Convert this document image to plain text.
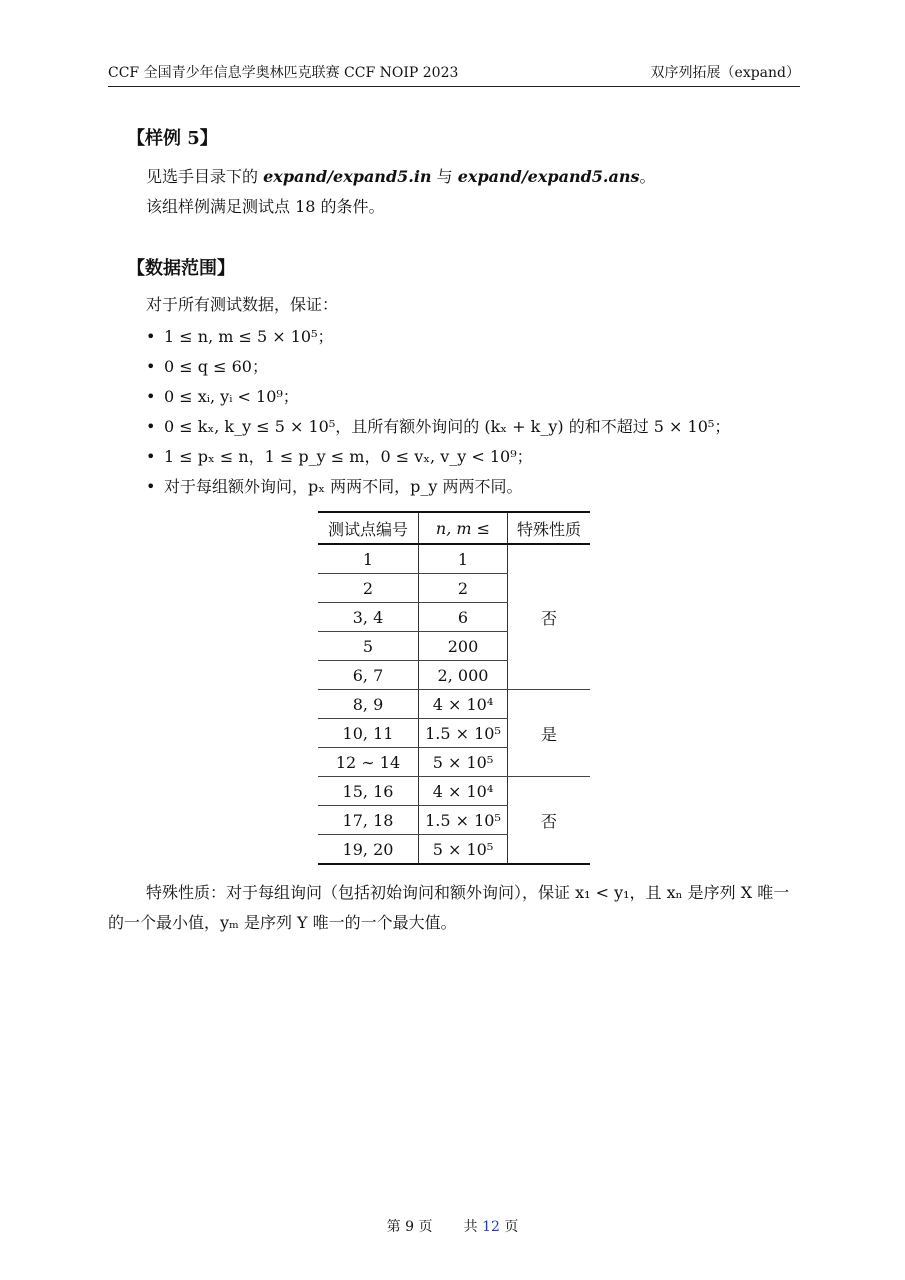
CCF 全国青少年信息学奥林匹克联赛 CCF NOIP 2023	双序列拓展（expand）
【样例 5】
见选手目录下的 expand/expand5.in 与 expand/expand5.ans。
该组样例满足测试点 18 的条件。
【数据范围】
对于所有测试数据，保证：
• 1 ≤ n, m ≤ 5 × 10⁵；
• 0 ≤ q ≤ 60；
• 0 ≤ xᵢ, yᵢ < 10⁹；
• 0 ≤ kₓ, k_y ≤ 5 × 10⁵，且所有额外询问的 (kₓ + k_y) 的和不超过 5 × 10⁵；
• 1 ≤ pₓ ≤ n，1 ≤ p_y ≤ m，0 ≤ vₓ, v_y < 10⁹；
• 对于每组额外询问，pₓ 两两不同，p_y 两两不同。
测试点编号	n, m ≤	特殊性质
1	1	否
2	2	
3, 4	6	
5	200	
6, 7	2, 000	
8, 9	4 × 10⁴	是
10, 11	1.5 × 10⁵	
12 ∼ 14	5 × 10⁵	
15, 16	4 × 10⁴	否
17, 18	1.5 × 10⁵	
19, 20	5 × 10⁵	
特殊性质：对于每组询问（包括初始询问和额外询问），保证 x₁ < y₁，且 xₙ 是序列 X 唯一的一个最小值，yₘ 是序列 Y 唯一的一个最大值。
第 9 页 共 12 页
